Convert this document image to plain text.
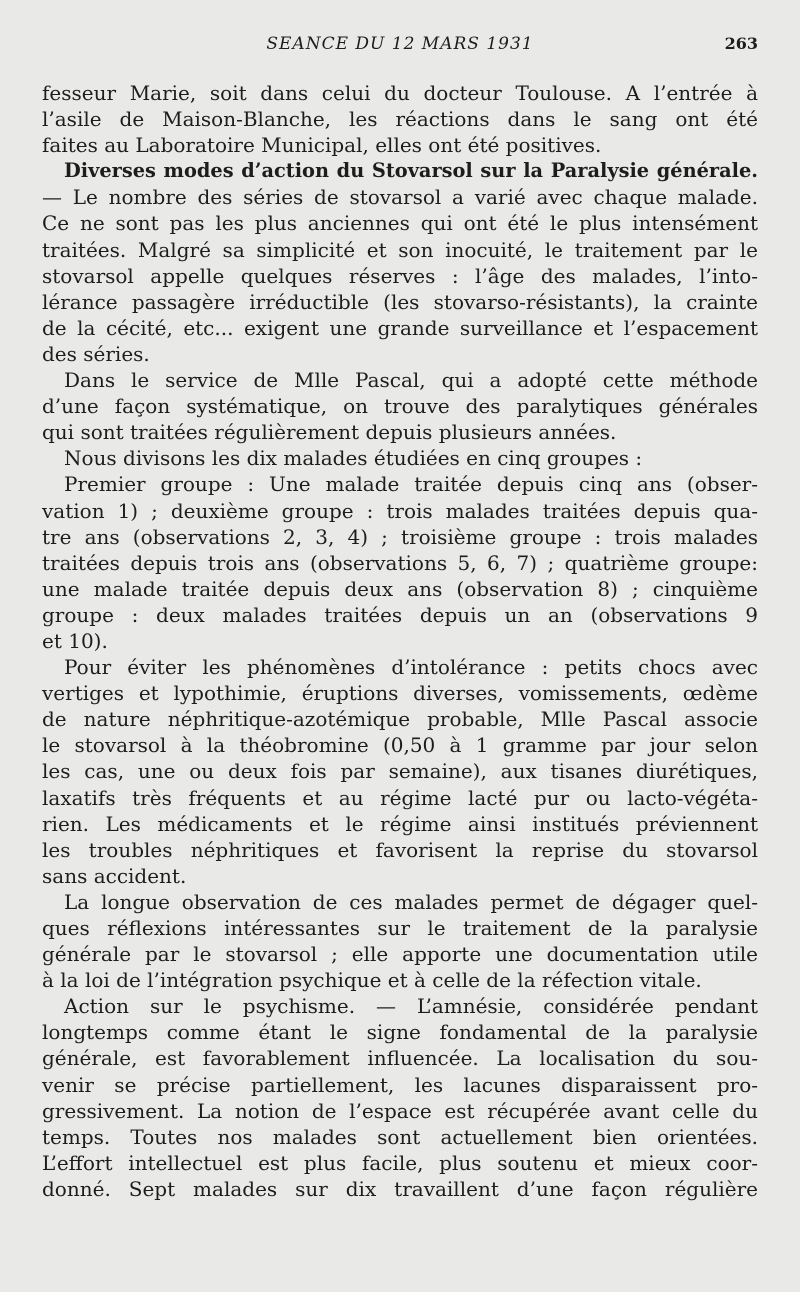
SEANCE DU 12 MARS 1931	263
fesseur Marie, soit dans celui du docteur Toulouse. A l’entrée à
l’asile de Maison-Blanche, les réactions dans le sang ont été
faites au Laboratoire Municipal, elles ont été positives.
Diverses modes d’action du Stovarsol sur la Paralysie générale.
— Le nombre des séries de stovarsol a varié avec chaque malade.
Ce ne sont pas les plus anciennes qui ont été le plus intensément
traitées. Malgré sa simplicité et son inocuité, le traitement par le
stovarsol appelle quelques réserves : l’âge des malades, l’into-
lérance passagère irréductible (les stovarso-résistants), la crainte
de la cécité, etc... exigent une grande surveillance et l’espacement
des séries.
Dans le service de Mlle Pascal, qui a adopté cette méthode
d’une façon systématique, on trouve des paralytiques générales
qui sont traitées régulièrement depuis plusieurs années.
Nous divisons les dix malades étudiées en cinq groupes :
Premier groupe : Une malade traitée depuis cinq ans (obser-
vation 1) ; deuxième groupe : trois malades traitées depuis qua-
tre ans (observations 2, 3, 4) ; troisième groupe : trois malades
traitées depuis trois ans (observations 5, 6, 7) ; quatrième groupe:
une malade traitée depuis deux ans (observation 8) ; cinquième
groupe : deux malades traitées depuis un an (observations 9
et 10).
Pour éviter les phénomènes d’intolérance : petits chocs avec
vertiges et lypothimie, éruptions diverses, vomissements, œdème
de nature néphritique-azotémique probable, Mlle Pascal associe
le stovarsol à la théobromine (0,50 à 1 gramme par jour selon
les cas, une ou deux fois par semaine), aux tisanes diurétiques,
laxatifs très fréquents et au régime lacté pur ou lacto-végéta-
rien. Les médicaments et le régime ainsi institués préviennent
les troubles néphritiques et favorisent la reprise du stovarsol
sans accident.
La longue observation de ces malades permet de dégager quel-
ques réflexions intéressantes sur le traitement de la paralysie
générale par le stovarsol ; elle apporte une documentation utile
à la loi de l’intégration psychique et à celle de la réfection vitale.
Action sur le psychisme. — L’amnésie, considérée pendant
longtemps comme étant le signe fondamental de la paralysie
générale, est favorablement influencée. La localisation du sou-
venir se précise partiellement, les lacunes disparaissent pro-
gressivement. La notion de l’espace est récupérée avant celle du
temps. Toutes nos malades sont actuellement bien orientées.
L’effort intellectuel est plus facile, plus soutenu et mieux coor-
donné. Sept malades sur dix travaillent d’une façon régulière
